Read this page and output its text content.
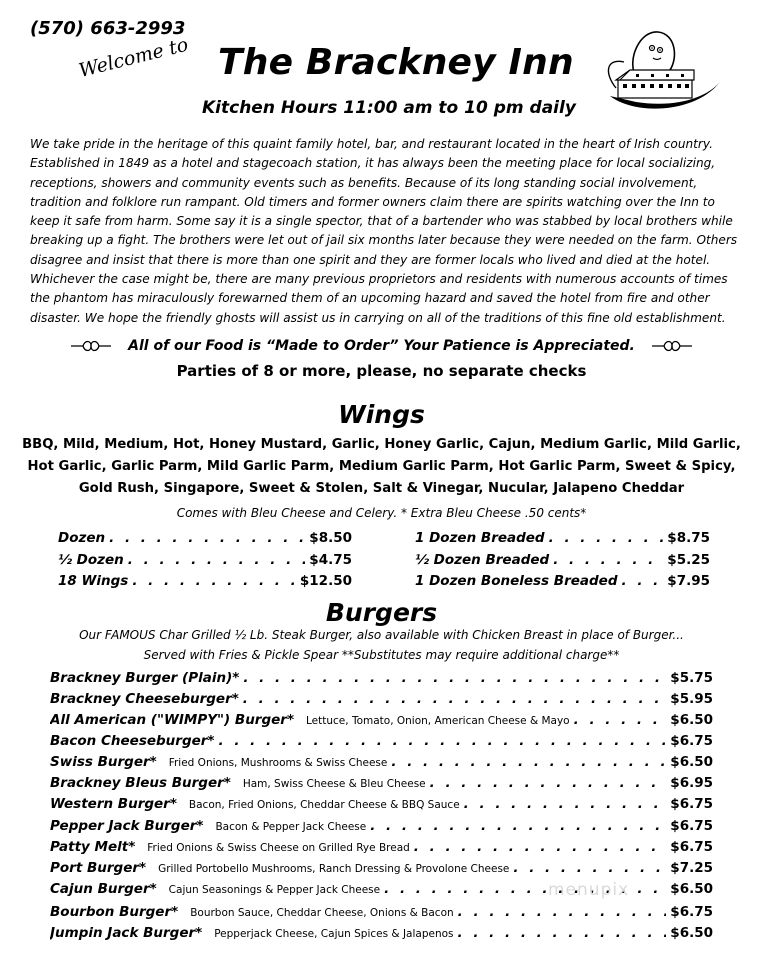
(570) 663-2993
Welcome to The Brackney Inn
Kitchen Hours 11:00 am to 10 pm daily
We take pride in the heritage of this quaint family hotel, bar, and restaurant located in the heart of Irish country.
Established in 1849 as a hotel and stagecoach station, it has always been the meeting place for local socializing,
receptions, showers and community events such as benefits. Because of its long standing social involvement,
tradition and folklore run rampant. Old timers and former owners claim there are spirits watching over the Inn to
keep it safe from harm. Some say it is a single spector, that of a bartender who was stabbed by local brothers while
breaking up a fight. The brothers were let out of jail six months later because they were needed on the farm. Others
disagree and insist that there is more than one spirit and they are former locals who lived and died at the hotel.
Whichever the case might be, there are many previous proprietors and residents with numerous accounts of times
the phantom has miraculously forewarned them of an upcoming hazard and saved the hotel from fire and other
disaster. We hope the friendly ghosts will assist us in carrying on all of the traditions of this fine old establishment.
All of our Food is “Made to Order” Your Patience is Appreciated.
Parties of 8 or more, please, no separate checks
Wings
BBQ, Mild, Medium, Hot, Honey Mustard, Garlic, Honey Garlic, Cajun, Medium Garlic, Mild Garlic,
Hot Garlic, Garlic Parm, Mild Garlic Parm, Medium Garlic Parm, Hot Garlic Parm, Sweet & Spicy,
Gold Rush, Singapore, Sweet & Stolen, Salt & Vinegar, Nucular, Jalapeno Cheddar
Comes with Bleu Cheese and Celery. * Extra Bleu Cheese .50 cents*
Dozen . . .	$8.50
½ Dozen . . .	$4.75
18 Wings . . .	$12.50
1 Dozen Breaded . . .	$8.75
½ Dozen Breaded . . .	$5.25
1 Dozen Boneless Breaded . . .	$7.95
Burgers
Our FAMOUS Char Grilled ½ Lb. Steak Burger, also available with Chicken Breast in place of Burger...
Served with Fries & Pickle Spear **Substitutes may require additional charge**
Brackney Burger (Plain)* . . .	$5.75
Brackney Cheeseburger* . . .	$5.95
All American ("WIMPY") Burger* Lettuce, Tomato, Onion, American Cheese & Mayo . . .	$6.50
Bacon Cheeseburger* . . .	$6.75
Swiss Burger* Fried Onions, Mushrooms & Swiss Cheese . . .	$6.50
Brackney Bleus Burger* Ham, Swiss Cheese & Bleu Cheese . . .	$6.95
Western Burger* Bacon, Fried Onions, Cheddar Cheese & BBQ Sauce . . .	$6.75
Pepper Jack Burger* Bacon & Pepper Jack Cheese . . .	$6.75
Patty Melt* Fried Onions & Swiss Cheese on Grilled Rye Bread . . .	$6.75
Port Burger* Grilled Portobello Mushrooms, Ranch Dressing & Provolone Cheese . . .	$7.25
Cajun Burger* Cajun Seasonings & Pepper Jack Cheese . . .	$6.50
Bourbon Burger* Bourbon Sauce, Cheddar Cheese, Onions & Bacon . . .	$6.75
Jumpin Jack Burger* Pepperjack Cheese, Cajun Spices & Jalapenos . . .	$6.50
menupix
